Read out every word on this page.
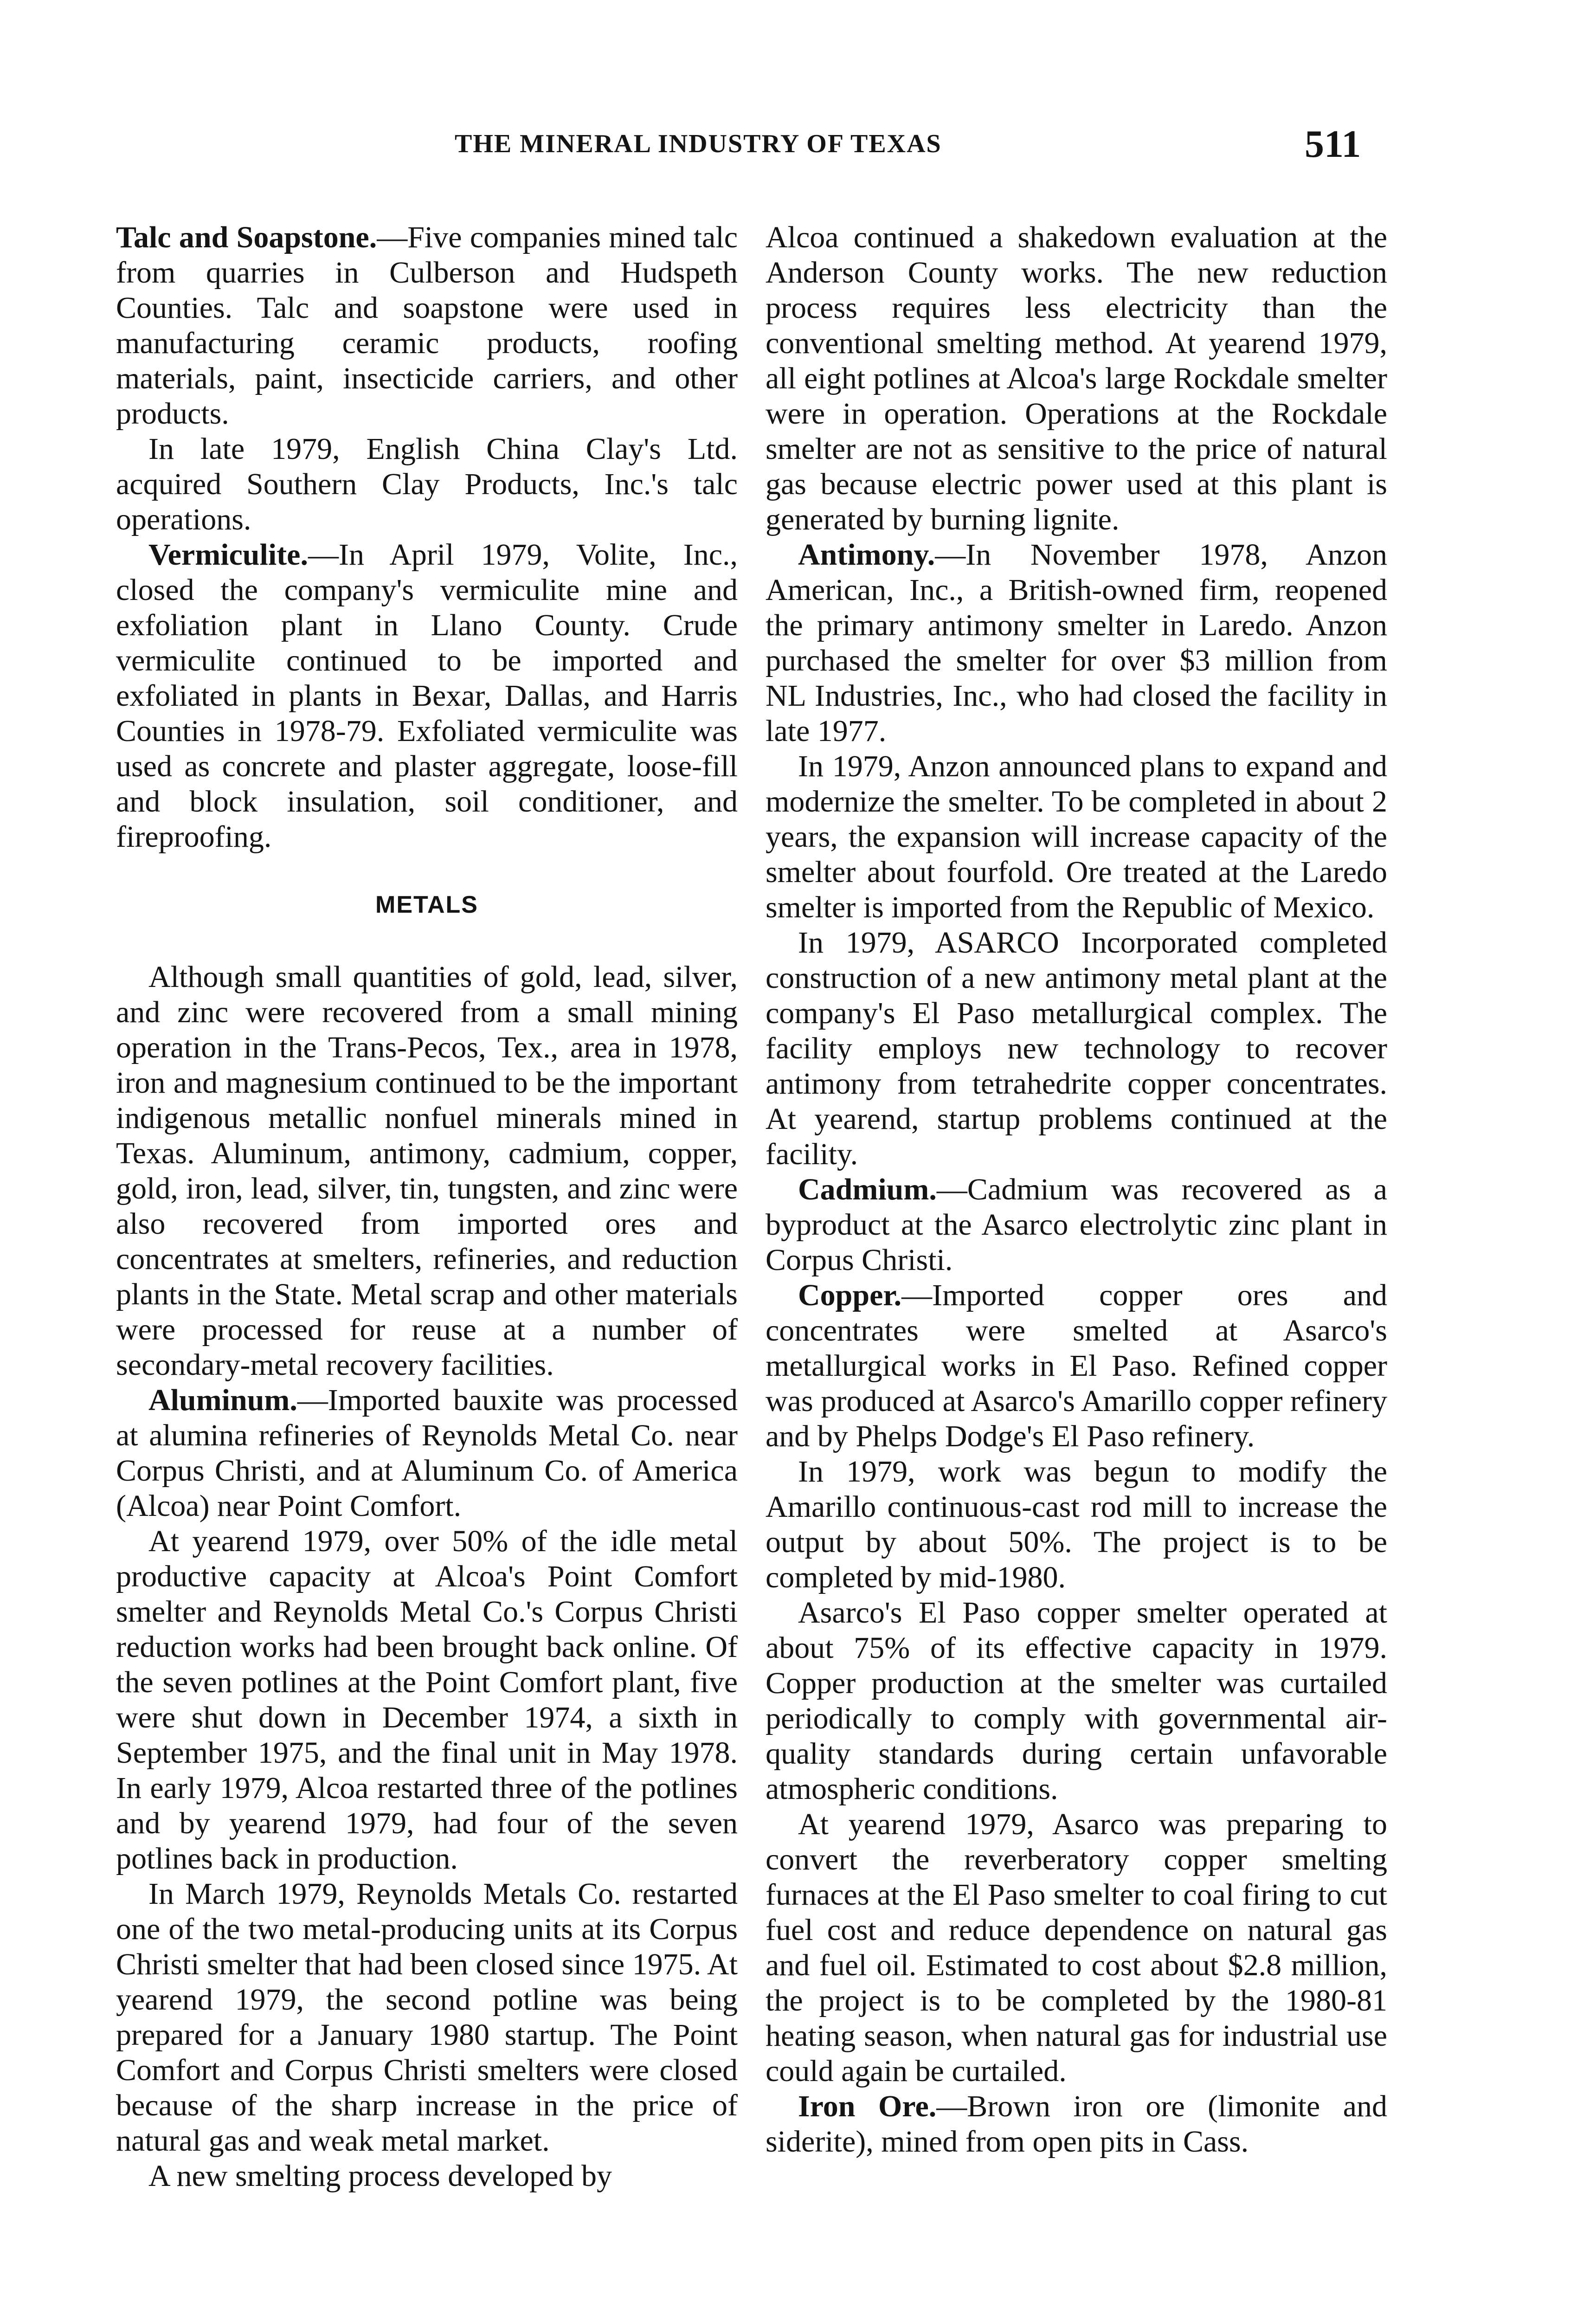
THE MINERAL INDUSTRY OF TEXAS	511

Talc and Soapstone.—Five companies mined talc from quarries in Culberson and Hudspeth Counties. Talc and soapstone were used in manufacturing ceramic products, roofing materials, paint, insecticide carriers, and other products.

In late 1979, English China Clay's Ltd. acquired Southern Clay Products, Inc.'s talc operations.

Vermiculite.—In April 1979, Volite, Inc., closed the company's vermiculite mine and exfoliation plant in Llano County. Crude vermiculite continued to be imported and exfoliated in plants in Bexar, Dallas, and Harris Counties in 1978-79. Exfoliated vermiculite was used as concrete and plaster aggregate, loose-fill and block insulation, soil conditioner, and fireproofing.

METALS

Although small quantities of gold, lead, silver, and zinc were recovered from a small mining operation in the Trans-Pecos, Tex., area in 1978, iron and magnesium continued to be the important indigenous metallic nonfuel minerals mined in Texas. Aluminum, antimony, cadmium, copper, gold, iron, lead, silver, tin, tungsten, and zinc were also recovered from imported ores and concentrates at smelters, refineries, and reduction plants in the State. Metal scrap and other materials were processed for reuse at a number of secondary-metal recovery facilities.

Aluminum.—Imported bauxite was processed at alumina refineries of Reynolds Metal Co. near Corpus Christi, and at Aluminum Co. of America (Alcoa) near Point Comfort.

At yearend 1979, over 50% of the idle metal productive capacity at Alcoa's Point Comfort smelter and Reynolds Metal Co.'s Corpus Christi reduction works had been brought back online. Of the seven potlines at the Point Comfort plant, five were shut down in December 1974, a sixth in September 1975, and the final unit in May 1978. In early 1979, Alcoa restarted three of the potlines and by yearend 1979, had four of the seven potlines back in production.

In March 1979, Reynolds Metals Co. restarted one of the two metal-producing units at its Corpus Christi smelter that had been closed since 1975. At yearend 1979, the second potline was being prepared for a January 1980 startup. The Point Comfort and Corpus Christi smelters were closed because of the sharp increase in the price of natural gas and weak metal market.

A new smelting process developed by

Alcoa continued a shakedown evaluation at the Anderson County works. The new reduction process requires less electricity than the conventional smelting method. At yearend 1979, all eight potlines at Alcoa's large Rockdale smelter were in operation. Operations at the Rockdale smelter are not as sensitive to the price of natural gas because electric power used at this plant is generated by burning lignite.

Antimony.—In November 1978, Anzon American, Inc., a British-owned firm, reopened the primary antimony smelter in Laredo. Anzon purchased the smelter for over $3 million from NL Industries, Inc., who had closed the facility in late 1977.

In 1979, Anzon announced plans to expand and modernize the smelter. To be completed in about 2 years, the expansion will increase capacity of the smelter about fourfold. Ore treated at the Laredo smelter is imported from the Republic of Mexico.

In 1979, ASARCO Incorporated completed construction of a new antimony metal plant at the company's El Paso metallurgical complex. The facility employs new technology to recover antimony from tetrahedrite copper concentrates. At yearend, startup problems continued at the facility.

Cadmium.—Cadmium was recovered as a byproduct at the Asarco electrolytic zinc plant in Corpus Christi.

Copper.—Imported copper ores and concentrates were smelted at Asarco's metallurgical works in El Paso. Refined copper was produced at Asarco's Amarillo copper refinery and by Phelps Dodge's El Paso refinery.

In 1979, work was begun to modify the Amarillo continuous-cast rod mill to increase the output by about 50%. The project is to be completed by mid-1980.

Asarco's El Paso copper smelter operated at about 75% of its effective capacity in 1979. Copper production at the smelter was curtailed periodically to comply with governmental air-quality standards during certain unfavorable atmospheric conditions.

At yearend 1979, Asarco was preparing to convert the reverberatory copper smelting furnaces at the El Paso smelter to coal firing to cut fuel cost and reduce dependence on natural gas and fuel oil. Estimated to cost about $2.8 million, the project is to be completed by the 1980-81 heating season, when natural gas for industrial use could again be curtailed.

Iron Ore.—Brown iron ore (limonite and siderite), mined from open pits in Cass.
